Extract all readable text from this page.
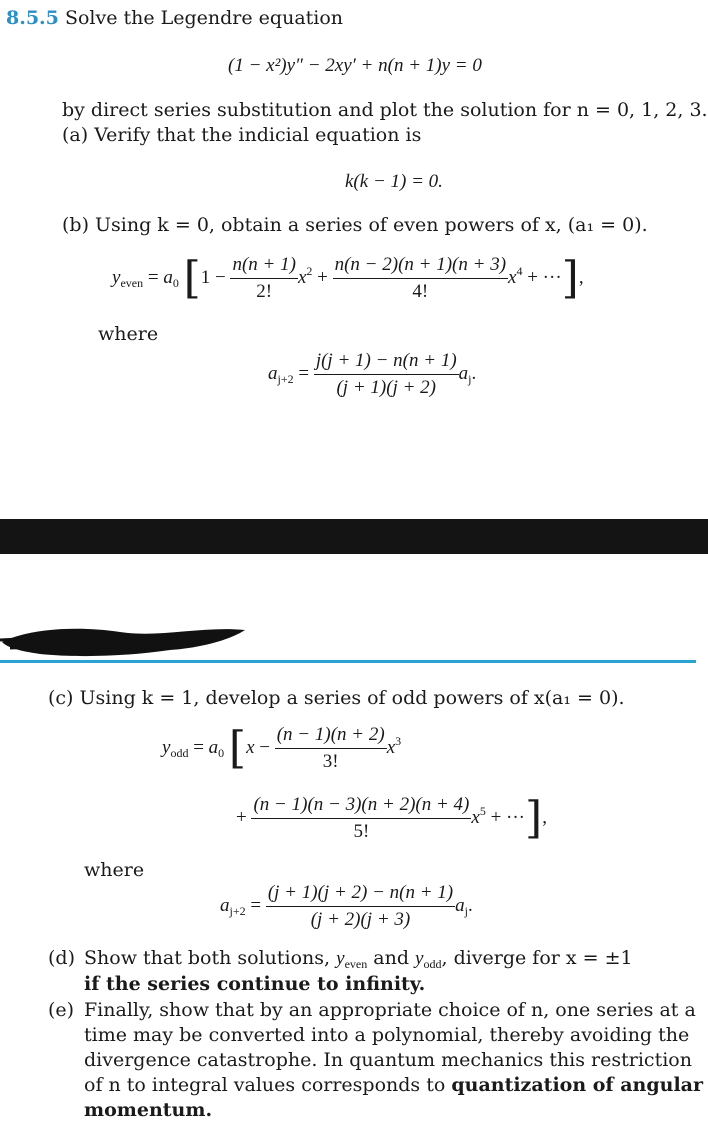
8.5.5 Solve the Legendre equation
(1 − x²)y″ − 2xy′ + n(n + 1)y = 0
by direct series substitution and plot the solution for n = 0, 1, 2, 3.
(a) Verify that the indicial equation is
k(k − 1) = 0.
(b) Using k = 0, obtain a series of even powers of x, (a₁ = 0).
$y_{even} = a_0$ [$1 - \frac{n(n + 1)}{2!} x^2 + \frac{n(n - 2)(n + 1)(n + 3)}{4!} x^4$ + ···],
where
$a_{j+2} = \frac{j(j + 1) - n(n + 1)}{(j + 1)(j + 2)} a_j$.
(c) Using k = 1, develop a series of odd powers of x(a₁ = 0).
$y_{odd} = a_0$ [$x - \frac{(n - 1)(n + 2)}{3!} x^3$
+ $\frac{(n - 1)(n - 3)(n + 2)(n + 4)}{5!} x^5$ + ···],
where
$a_{j+2} = \frac{(j + 1)(j + 2) - n(n + 1)}{(j + 2)(j + 3)} a_j$.
(d) Show that both solutions, $y_{even}$ and $y_{odd}$, diverge for x = ±1
if the series continue to infinity.
(e) Finally, show that by an appropriate choice of n, one series at a
time may be converted into a polynomial, thereby avoiding the
divergence catastrophe. In quantum mechanics this restriction
of n to integral values corresponds to quantization of angular
momentum.
